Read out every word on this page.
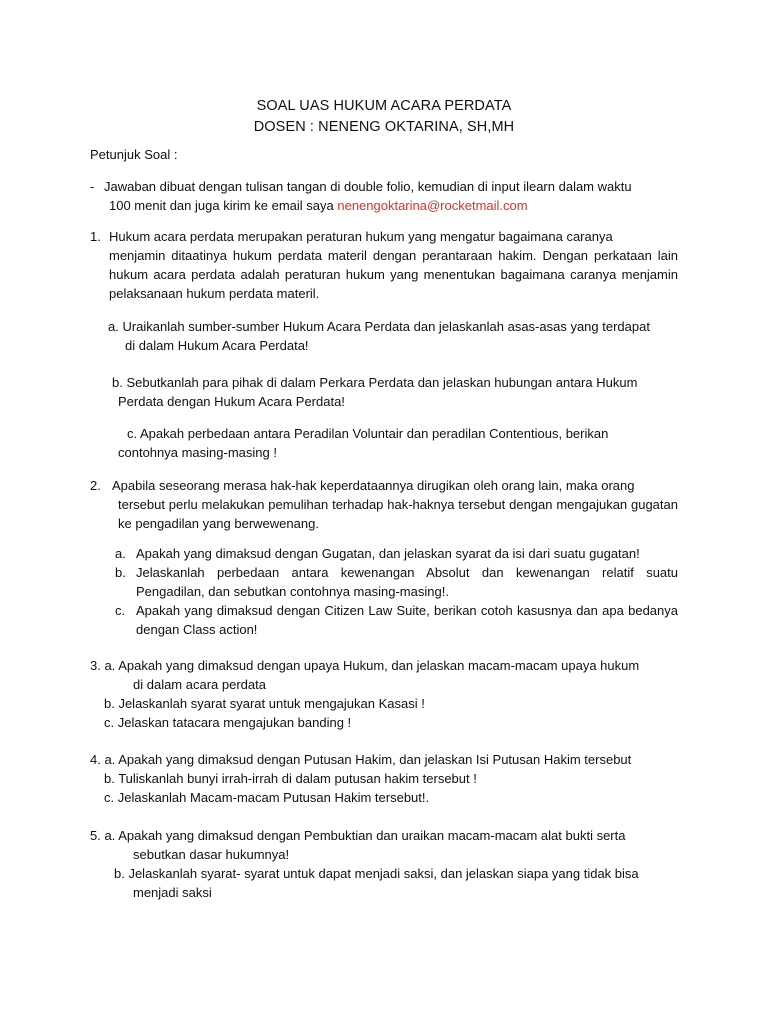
SOAL UAS HUKUM ACARA PERDATA
DOSEN : NENENG OKTARINA, SH,MH
Petunjuk Soal :
- Jawaban dibuat dengan tulisan tangan di double folio, kemudian di input ilearn dalam waktu
100 menit dan juga kirim ke email saya nenengoktarina@rocketmail.com
1. Hukum acara perdata merupakan peraturan hukum yang mengatur bagaimana caranya
menjamin ditaatinya hukum perdata materil dengan perantaraan hakim. Dengan perkataan lain hukum acara perdata adalah peraturan hukum yang menentukan bagaimana caranya menjamin pelaksanaan hukum perdata materil.
a. Uraikanlah sumber-sumber Hukum Acara Perdata dan jelaskanlah asas-asas yang terdapat
di dalam Hukum Acara Perdata!
b. Sebutkanlah para pihak di dalam Perkara Perdata dan jelaskan hubungan antara Hukum
Perdata dengan Hukum Acara Perdata!
c. Apakah perbedaan antara Peradilan Voluntair dan peradilan Contentious, berikan
contohnya masing-masing !
2. Apabila seseorang merasa hak-hak keperdataannya dirugikan oleh orang lain, maka orang
tersebut perlu melakukan pemulihan terhadap hak-haknya tersebut dengan mengajukan gugatan ke pengadilan yang berwewenang.
a. Apakah yang dimaksud dengan Gugatan, dan jelaskan syarat da isi dari suatu gugatan!
b. Jelaskanlah perbedaan antara kewenangan Absolut dan kewenangan relatif suatu Pengadilan, dan sebutkan contohnya masing-masing!.
c. Apakah yang dimaksud dengan Citizen Law Suite, berikan cotoh kasusnya dan apa bedanya dengan Class action!
3. a. Apakah yang dimaksud dengan upaya Hukum, dan jelaskan macam-macam upaya hukum
di dalam acara perdata
b. Jelaskanlah syarat syarat untuk mengajukan Kasasi !
c. Jelaskan tatacara mengajukan banding !
4. a. Apakah yang dimaksud dengan Putusan Hakim, dan jelaskan Isi Putusan Hakim tersebut
b. Tuliskanlah bunyi irrah-irrah di dalam putusan hakim tersebut !
c. Jelaskanlah Macam-macam Putusan Hakim tersebut!.
5. a. Apakah yang dimaksud dengan Pembuktian dan uraikan macam-macam alat bukti serta
sebutkan dasar hukumnya!
b. Jelaskanlah syarat- syarat untuk dapat menjadi saksi, dan jelaskan siapa yang tidak bisa
menjadi saksi
